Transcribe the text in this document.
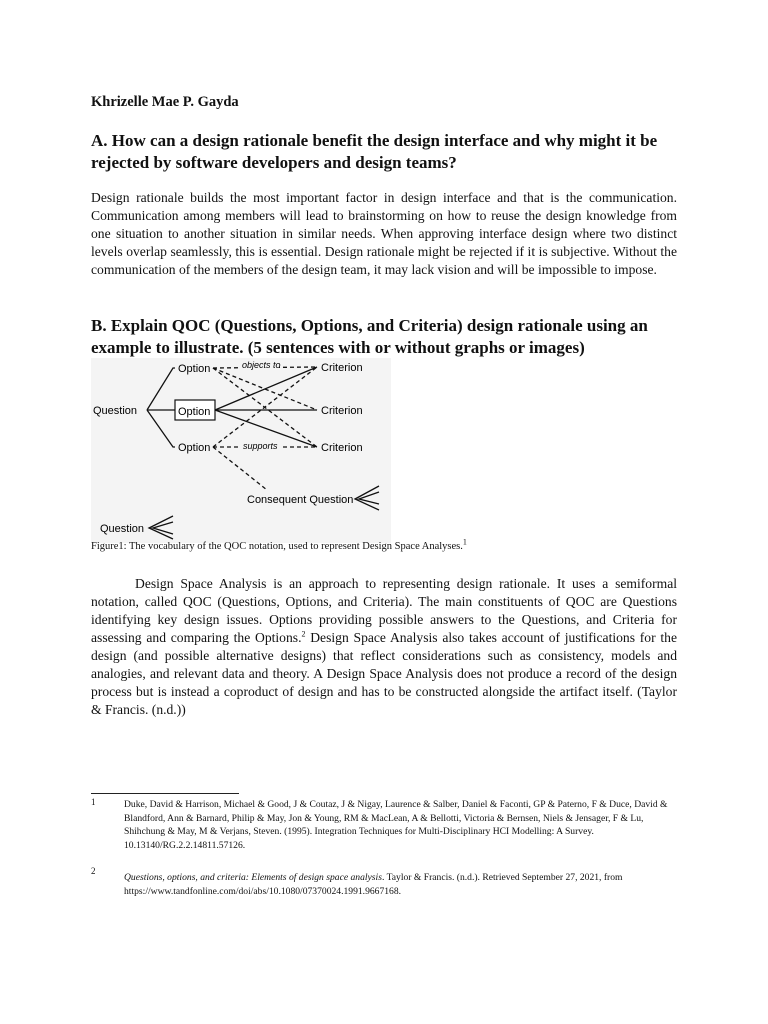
Khrizelle Mae P. Gayda
A. How can a design rationale benefit the design interface and why might it be rejected by software developers and design teams?
Design rationale builds the most important factor in design interface and that is the communication. Communication among members will lead to brainstorming on how to reuse the design knowledge from one situation to another situation in similar needs. When approving interface design where two distinct levels overlap seamlessly, this is essential. Design rationale might be rejected if it is subjective. Without the communication of the members of the design team, it may lack vision and will be impossible to impose.
B. Explain QOC (Questions, Options, and Criteria) design rationale using an example to illustrate. (5 sentences with or without graphs or images)
Question
Option
Option
Option
Criterion
Criterion
Criterion
objects to
supports
Consequent Question
Question
Figure1: The vocabulary of the QOC notation, used to represent Design Space Analyses.$^1$
Design Space Analysis is an approach to representing design rationale. It uses a semiformal notation, called QOC (Questions, Options, and Criteria). The main constituents of QOC are Questions identifying key design issues. Options providing possible answers to the Questions, and Criteria for assessing and comparing the Options.$^2$ Design Space Analysis also takes account of justifications for the design (and possible alternative designs) that reflect considerations such as consistency, models and analogies, and relevant data and theory. A Design Space Analysis does not produce a record of the design process but is instead a coproduct of design and has to be constructed alongside the artifact itself. (Taylor & Francis. (n.d.))
1	Duke, David & Harrison, Michael & Good, J & Coutaz, J & Nigay, Laurence & Salber, Daniel & Faconti, GP & Paterno, F & Duce, David & Blandford, Ann & Barnard, Philip & May, Jon & Young, RM & MacLean, A & Bellotti, Victoria & Bernsen, Niels & Jensager, F & Lu, Shihchung & May, M & Verjans, Steven. (1995). Integration Techniques for Multi-Disciplinary HCI Modelling: A Survey. 10.13140/RG.2.2.14811.57126.
2
Questions, options, and criteria: Elements of design space analysis. Taylor & Francis. (n.d.). Retrieved September 27, 2021, from https://www.tandfonline.com/doi/abs/10.1080/07370024.1991.9667168.
